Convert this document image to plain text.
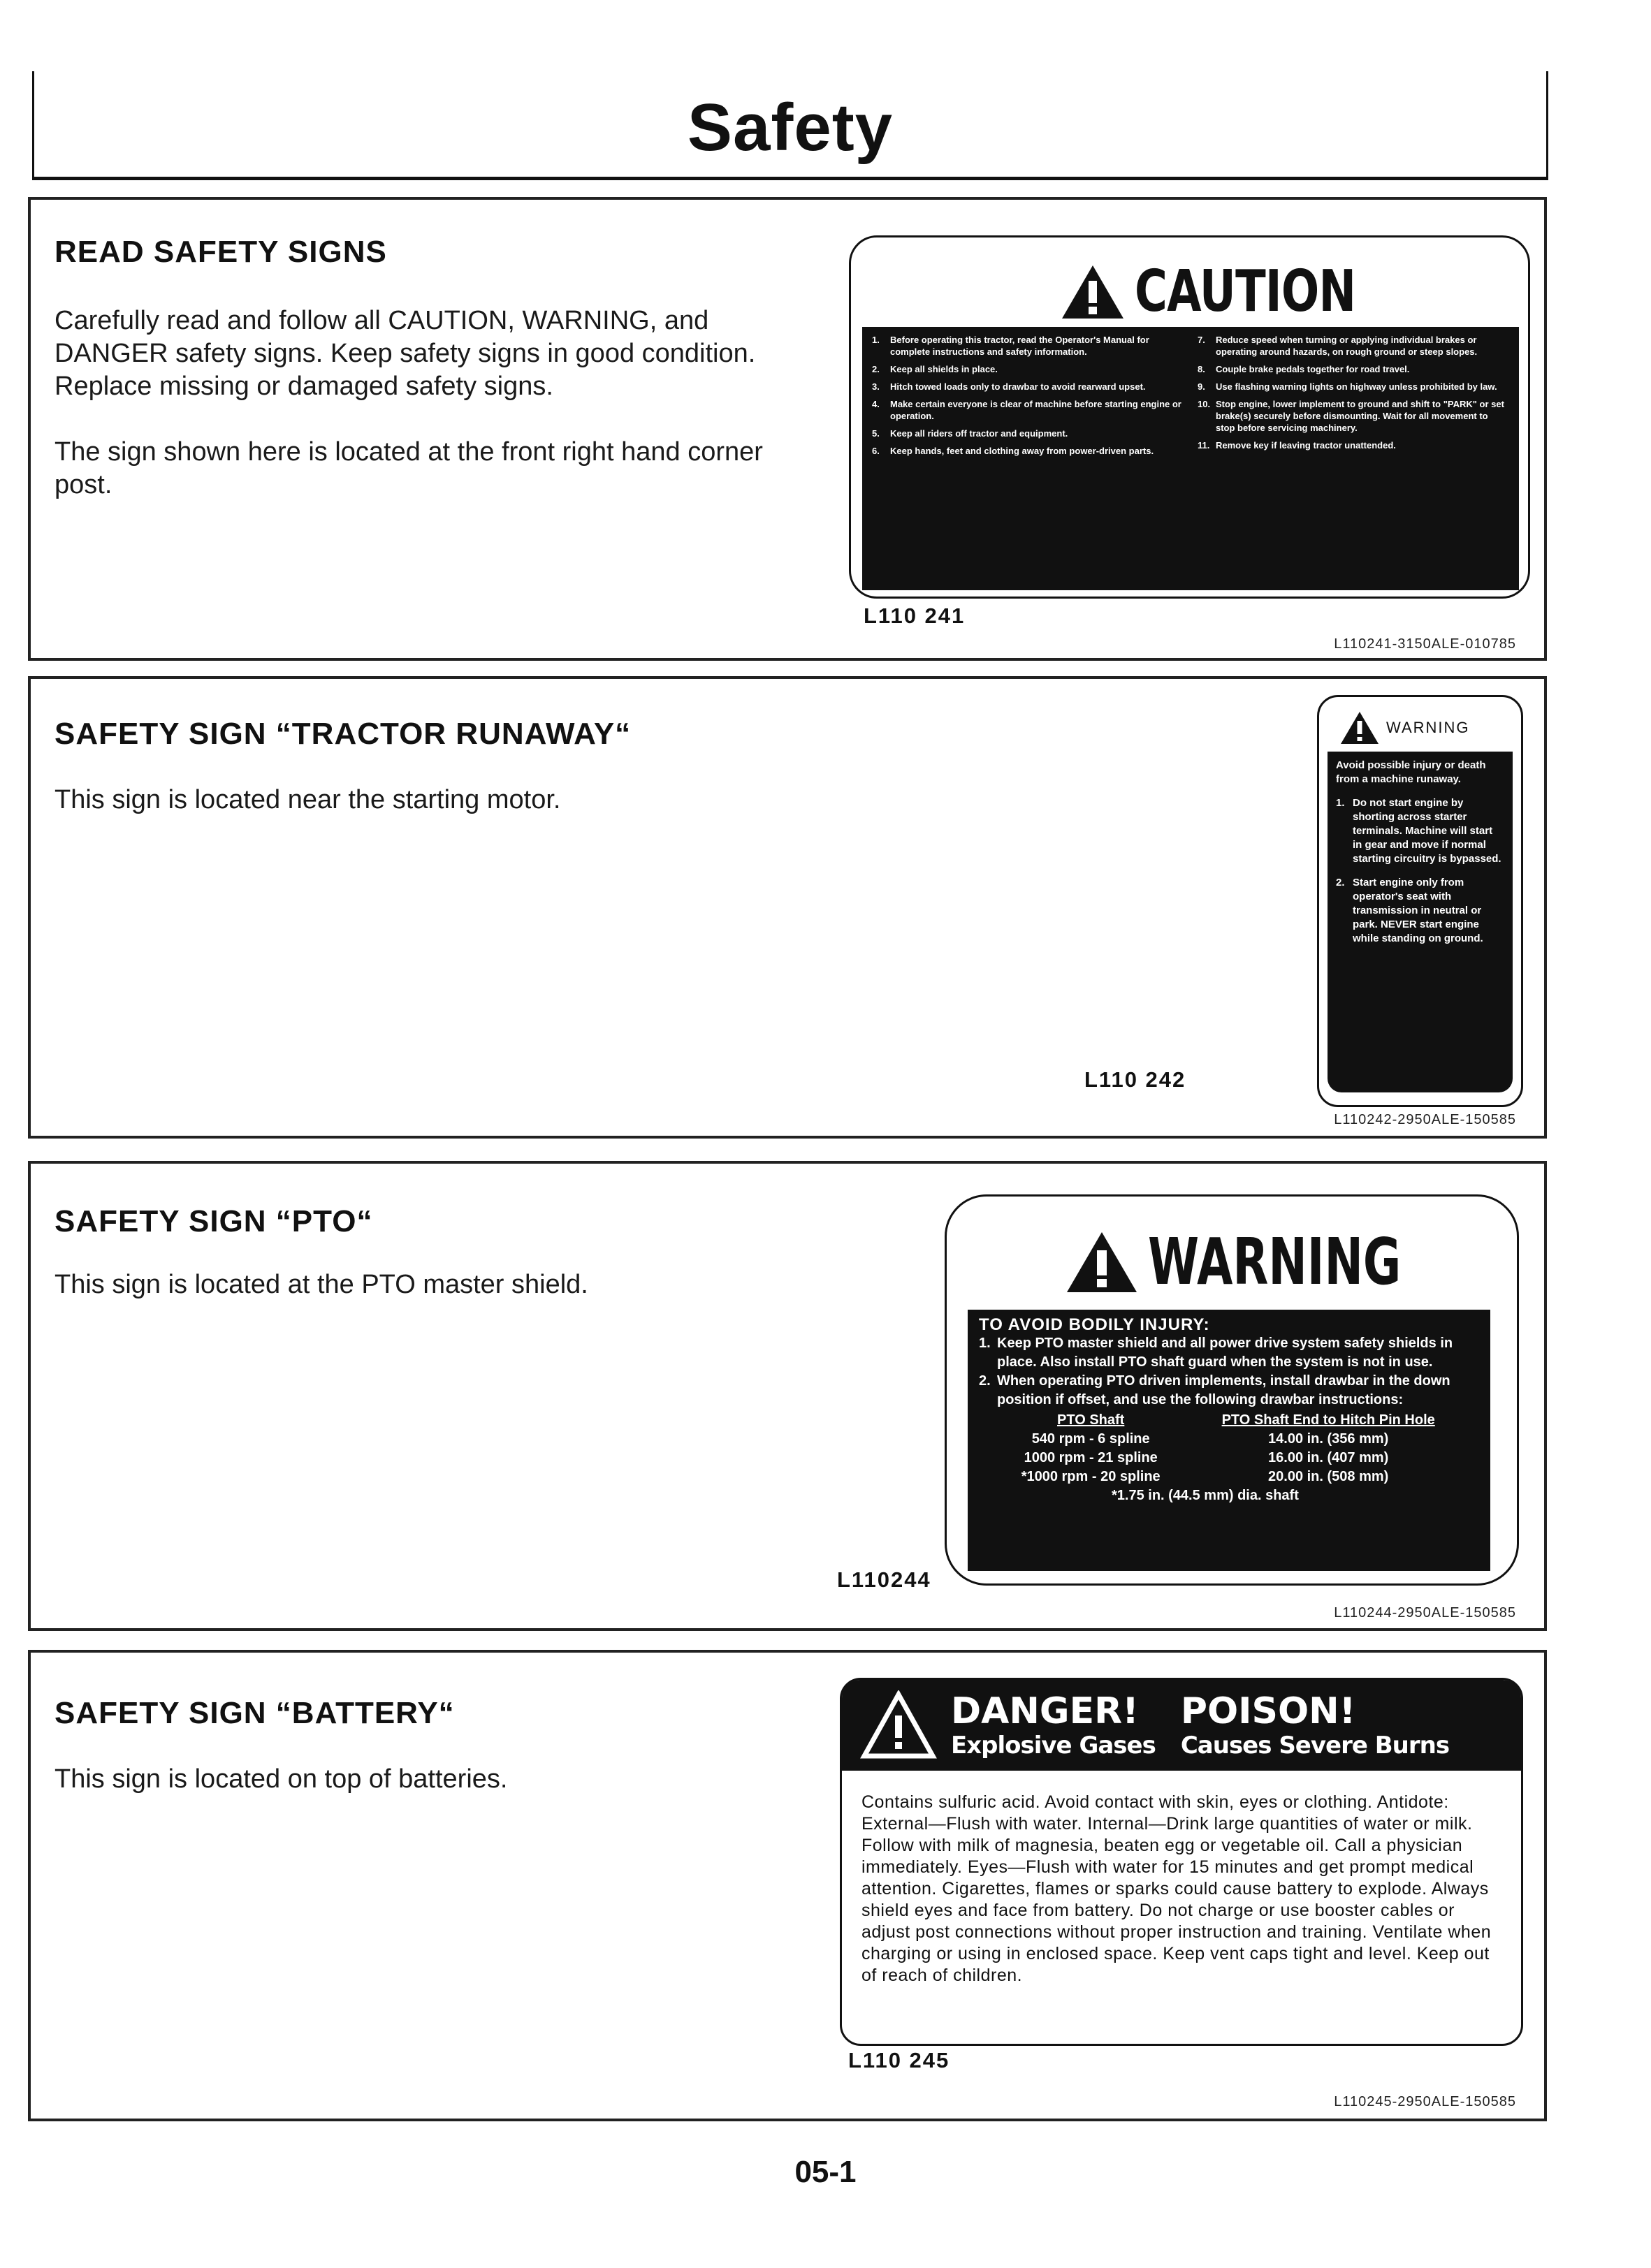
Safety
READ SAFETY SIGNS

Carefully read and follow all CAUTION, WARNING, and DANGER safety signs. Keep safety signs in good condition. Replace missing or damaged safety signs.

The sign shown here is located at the front right hand corner post.

L110 241
L110241-3150ALE-010785
CAUTION
1.	Before operating this tractor, read the Operator's Manual for complete instructions and safety information.
2.	Keep all shields in place.
3.	Hitch towed loads only to drawbar to avoid rearward upset.
4.	Make certain everyone is clear of machine before starting engine or operation.
5.	Keep all riders off tractor and equipment.
6.	Keep hands, feet and clothing away from power-driven parts.
7.	Reduce speed when turning or applying individual brakes or operating around hazards, on rough ground or steep slopes.
8.	Couple brake pedals together for road travel.
9.	Use flashing warning lights on highway unless prohibited by law.
10. Stop engine, lower implement to ground and shift to "PARK" or set brake(s) securely before dismounting. Wait for all movement to stop before servicing machinery.
11. Remove key if leaving tractor unattended.
SAFETY SIGN “TRACTOR RUNAWAY“
This sign is located near the starting motor.
L110 242
L110242-2950ALE-150585
WARNING

Avoid possible injury or death from a machine runaway.

1. Do not start engine by shorting across starter terminals. Machine will start in gear and move if normal starting circuitry is bypassed.
2. Start engine only from operator's seat with transmission in neutral or park. NEVER start engine while standing on ground.
SAFETY SIGN “PTO“
This sign is located at the PTO master shield.
L110244
L110244-2950ALE-150585
WARNING
TO AVOID BODILY INJURY:
1. Keep PTO master shield and all power drive system safety shields in place. Also install PTO shaft guard when the system is not in use.
2. When operating PTO driven implements, install drawbar in the down position if offset, and use the following drawbar instructions:
PTO Shaft	PTO Shaft End to Hitch Pin Hole
540 rpm - 6 spline	14.00 in. (356 mm)
1000 rpm - 21 spline	16.00 in. (407 mm)
*1000 rpm - 20 spline	20.00 in. (508 mm)
*1.75 in. (44.5 mm) dia. shaft
SAFETY SIGN “BATTERY“
This sign is located on top of batteries.
L110 245
L110245-2950ALE-150585
DANGER!
Explosive Gases
POISON!
Causes Severe Burns
Contains sulfuric acid. Avoid contact with skin, eyes or clothing. Antidote: External—Flush with water. Internal—Drink large quantities of water or milk. Follow with milk of magnesia, beaten egg or vegetable oil. Call a physician immediately. Eyes—Flush with water for 15 minutes and get prompt medical attention. Cigarettes, flames or sparks could cause battery to explode. Always shield eyes and face from battery. Do not charge or use booster cables or adjust post connections without proper instruction and training. Ventilate when charging or using in enclosed space. Keep vent caps tight and level. Keep out of reach of children.
05-1
